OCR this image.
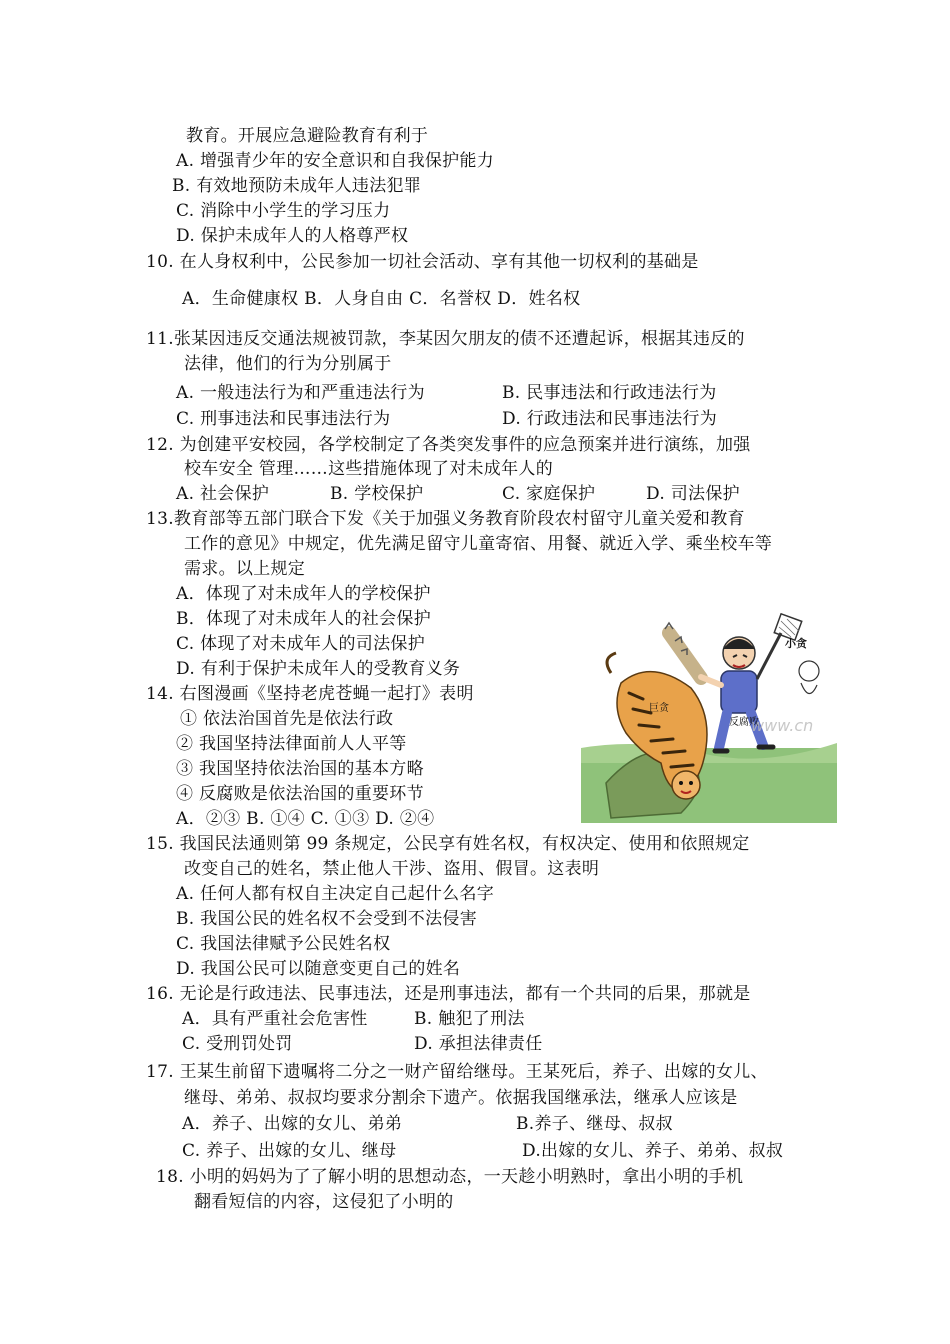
教育。开展应急避险教育有利于
A. 增强青少年的安全意识和自我保护能力
B. 有效地预防未成年人违法犯罪
C. 消除中小学生的学习压力
D. 保护未成年人的人格尊严权
10. 在人身权利中，公民参加一切社会活动、享有其他一切权利的基础是
A．生命健康权 B．人身自由 C．名誉权 D．姓名权
11.张某因违反交通法规被罚款，李某因欠朋友的债不还遭起诉，根据其违反的
法律，他们的行为分别属于
A. 一般违法行为和严重违法行为	B. 民事违法和行政违法行为
C. 刑事违法和民事违法行为	D. 行政违法和民事违法行为
12. 为创建平安校园，各学校制定了各类突发事件的应急预案并进行演练，加强
校车安全 管理……这些措施体现了对未成年人的
A. 社会保护	B. 学校保护	C. 家庭保护	D. 司法保护
13.教育部等五部门联合下发《关于加强义务教育阶段农村留守儿童关爱和教育
工作的意见》中规定，优先满足留守儿童寄宿、用餐、就近入学、乘坐校车等
需求。以上规定
A．体现了对未成年人的学校保护
B．体现了对未成年人的社会保护
C. 体现了对未成年人的司法保护
D. 有利于保护未成年人的受教育义务
小贪
巨贪
反腐败
www.cn
14. 右图漫画《坚持老虎苍蝇一起打》表明
① 依法治国首先是依法行政
② 我国坚持法律面前人人平等
③ 我国坚持依法治国的基本方略
④ 反腐败是依法治国的重要环节
A．②③ B. ①④ C. ①③ D. ②④
15. 我国民法通则第 99 条规定，公民享有姓名权，有权决定、使用和依照规定
改变自己的姓名，禁止他人干涉、盗用、假冒。这表明
A. 任何人都有权自主决定自己起什么名字
B. 我国公民的姓名权不会受到不法侵害
C. 我国法律赋予公民姓名权
D. 我国公民可以随意变更自己的姓名
16. 无论是行政违法、民事违法，还是刑事违法，都有一个共同的后果，那就是
A．具有严重社会危害性	B. 触犯了刑法
C. 受刑罚处罚	D. 承担法律责任
17. 王某生前留下遗嘱将二分之一财产留给继母。王某死后，养子、出嫁的女儿、
继母、弟弟、叔叔均要求分割余下遗产。依据我国继承法，继承人应该是
A．养子、出嫁的女儿、弟弟	B.养子、继母、叔叔
C. 养子、出嫁的女儿、继母	D.出嫁的女儿、养子、弟弟、叔叔
18. 小明的妈妈为了了解小明的思想动态，一天趁小明熟时，拿出小明的手机
翻看短信的内容，这侵犯了小明的
